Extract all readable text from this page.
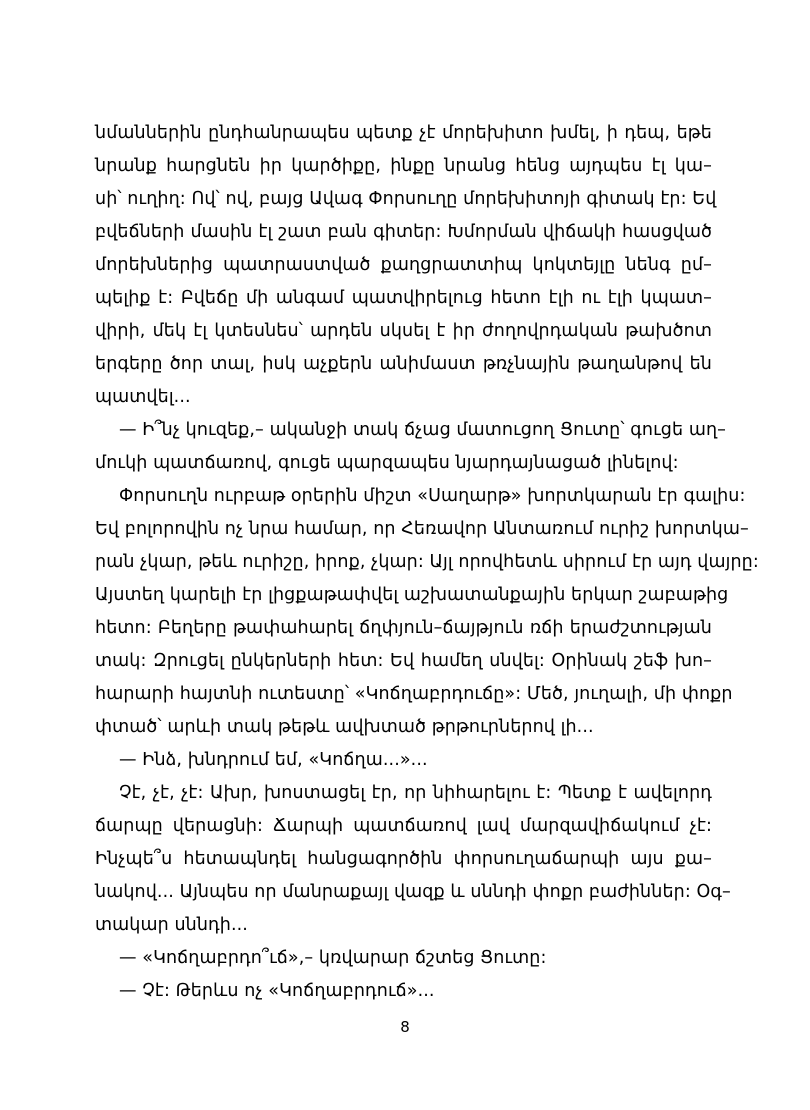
նմաններին ընդհանրապես պետք չէ մորեխիտո խմել, ի դեպ, եթե
նրանք հարցնեն իր կարծիքը, ինքը նրանց հենց այդպես էլ կա–
սի՝ ուղիղ: Ով՝ ով, բայց Ավագ Փորսուղը մորեխիտոյի գիտակ էր: Եվ
բվեճների մասին էլ շատ բան գիտեր: Խմորման վիճակի հասցված
մորեխներից պատրաստված քաղցրատտիպ կոկտեյլը նենգ ըմ–
պելիք է: Բվեճը մի անգամ պատվիրելուց հետո էլի ու էլի կպատ–
վիրի, մեկ էլ կտեսնես՝ արդեն սկսել է իր ժողովրդական թախծոտ
երգերը ծոր տալ, իսկ աչքերն անիմաստ թռչնային թաղանթով են
պատվել...
— Ի՞նչ կուզեք,– ականջի տակ ճչաց մատուցող Ցուտը՝ գուցե աղ–
մուկի պատճառով, գուցե պարզապես նյարդայնացած լինելով:
Փորսուղն ուրբաթ օրերին միշտ «Սաղարթ» խորտկարան էր գալիս:
Եվ բոլորովին ոչ նրա համար, որ Հեռավոր Անտառում ուրիշ խորտկա–
րան չկար, թեև ուրիշը, իրոք, չկար: Այլ որովհետև սիրում էր այդ վայրը:
Այստեղ կարելի էր լիցքաթափվել աշխատանքային երկար շաբաթից
հետո: Բեղերը թափահարել ճղփյուն–ճայթյուն ռճի երաժշտության
տակ: Զրուցել ընկերների հետ: Եվ համեղ սնվել: Օրինակ շեֆ խո–
հարարի հայտնի ուտեստը՝ «Կոճղաբրդուճը»: Մեծ, յուղալի, մի փոքր
փտած՝ արևի տակ թեթև ավխտած թրթուրներով լի...
— Ինձ, խնդրում եմ, «Կոճղա...»...
Չէ, չէ, չէ: Ախր, խոստացել էր, որ նիհարելու է: Պետք է ավելորդ
ճարպը վերացնի: Ճարպի պատճառով լավ մարզավիճակում չէ:
Ինչպե՞ս հետապնդել հանցագործին փորսուղաճարպի այս քա–
նակով... Այնպես որ մանրաքայլ վազք և սննդի փոքր բաժիններ: Օգ–
տակար սննդի...
— «Կոճղաբրդո՞ւճ»,– կռվարար ճշտեց Ցուտը:
— Չէ: Թերևս ոչ «Կոճղաբրդուճ»...
8
